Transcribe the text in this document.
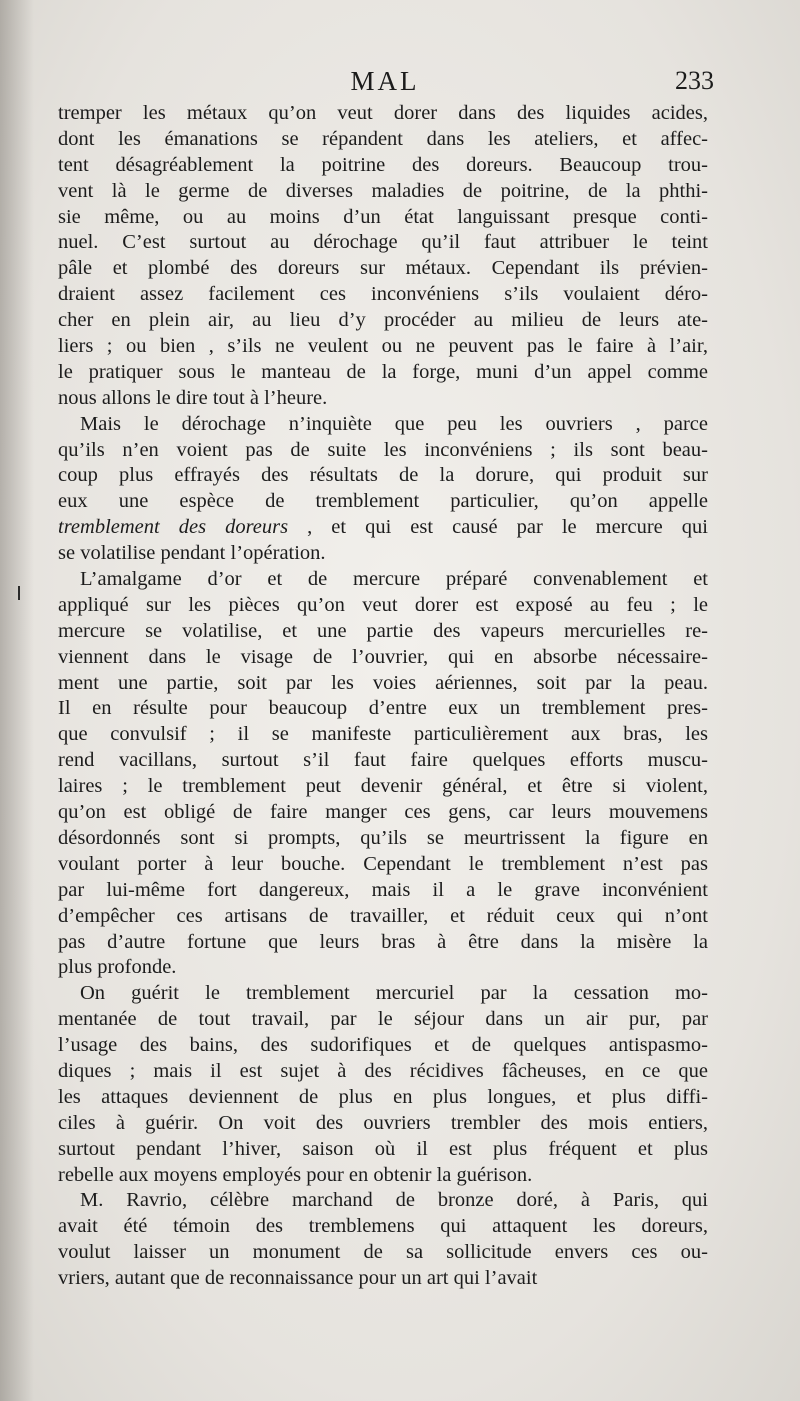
MAL	233
tremper les métaux qu’on veut dorer dans des liquides acides,
dont les émanations se répandent dans les ateliers, et affec-
tent désagréablement la poitrine des doreurs. Beaucoup trou-
vent là le germe de diverses maladies de poitrine, de la phthi-
sie même, ou au moins d’un état languissant presque conti-
nuel. C’est surtout au dérochage qu’il faut attribuer le teint
pâle et plombé des doreurs sur métaux. Cependant ils prévien-
draient assez facilement ces inconvéniens s’ils voulaient déro-
cher en plein air, au lieu d’y procéder au milieu de leurs ate-
liers ; ou bien , s’ils ne veulent ou ne peuvent pas le faire à l’air,
le pratiquer sous le manteau de la forge, muni d’un appel comme
nous allons le dire tout à l’heure.
Mais le dérochage n’inquiète que peu les ouvriers , parce
qu’ils n’en voient pas de suite les inconvéniens ; ils sont beau-
coup plus effrayés des résultats de la dorure, qui produit sur
eux une espèce de tremblement particulier, qu’on appelle
tremblement des doreurs , et qui est causé par le mercure qui
se volatilise pendant l’opération.
L’amalgame d’or et de mercure préparé convenablement et
appliqué sur les pièces qu’on veut dorer est exposé au feu ; le
mercure se volatilise, et une partie des vapeurs mercurielles re-
viennent dans le visage de l’ouvrier, qui en absorbe nécessaire-
ment une partie, soit par les voies aériennes, soit par la peau.
Il en résulte pour beaucoup d’entre eux un tremblement pres-
que convulsif ; il se manifeste particulièrement aux bras, les
rend vacillans, surtout s’il faut faire quelques efforts muscu-
laires ; le tremblement peut devenir général, et être si violent,
qu’on est obligé de faire manger ces gens, car leurs mouvemens
désordonnés sont si prompts, qu’ils se meurtrissent la figure en
voulant porter à leur bouche. Cependant le tremblement n’est pas
par lui-même fort dangereux, mais il a le grave inconvénient
d’empêcher ces artisans de travailler, et réduit ceux qui n’ont
pas d’autre fortune que leurs bras à être dans la misère la
plus profonde.
On guérit le tremblement mercuriel par la cessation mo-
mentanée de tout travail, par le séjour dans un air pur, par
l’usage des bains, des sudorifiques et de quelques antispasmo-
diques ; mais il est sujet à des récidives fâcheuses, en ce que
les attaques deviennent de plus en plus longues, et plus diffi-
ciles à guérir. On voit des ouvriers trembler des mois entiers,
surtout pendant l’hiver, saison où il est plus fréquent et plus
rebelle aux moyens employés pour en obtenir la guérison.
M. Ravrio, célèbre marchand de bronze doré, à Paris, qui
avait été témoin des tremblemens qui attaquent les doreurs,
voulut laisser un monument de sa sollicitude envers ces ou-
vriers, autant que de reconnaissance pour un art qui l’avait
